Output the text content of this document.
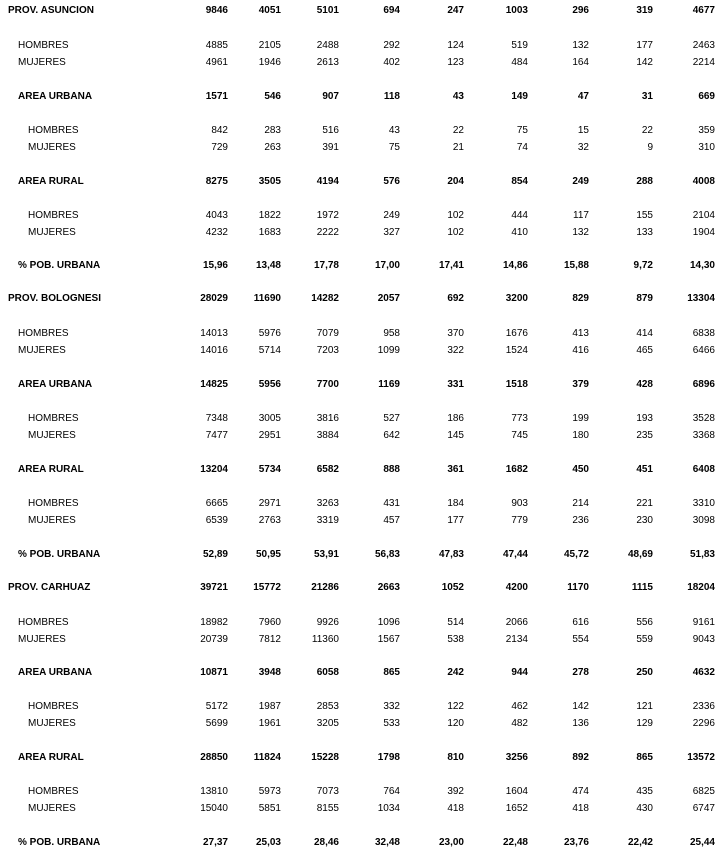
PROV. ASUNCION	9846	4051	5101	694	247	1003	296	319	4677
HOMBRES	4885	2105	2488	292	124	519	132	177	2463
MUJERES	4961	1946	2613	402	123	484	164	142	2214
AREA URBANA	1571	546	907	118	43	149	47	31	669
HOMBRES	842	283	516	43	22	75	15	22	359
MUJERES	729	263	391	75	21	74	32	9	310
AREA RURAL	8275	3505	4194	576	204	854	249	288	4008
HOMBRES	4043	1822	1972	249	102	444	117	155	2104
MUJERES	4232	1683	2222	327	102	410	132	133	1904
% POB. URBANA	15,96	13,48	17,78	17,00	17,41	14,86	15,88	9,72	14,30
PROV. BOLOGNESI	28029	11690	14282	2057	692	3200	829	879	13304
HOMBRES	14013	5976	7079	958	370	1676	413	414	6838
MUJERES	14016	5714	7203	1099	322	1524	416	465	6466
AREA URBANA	14825	5956	7700	1169	331	1518	379	428	6896
HOMBRES	7348	3005	3816	527	186	773	199	193	3528
MUJERES	7477	2951	3884	642	145	745	180	235	3368
AREA RURAL	13204	5734	6582	888	361	1682	450	451	6408
HOMBRES	6665	2971	3263	431	184	903	214	221	3310
MUJERES	6539	2763	3319	457	177	779	236	230	3098
% POB. URBANA	52,89	50,95	53,91	56,83	47,83	47,44	45,72	48,69	51,83
PROV. CARHUAZ	39721	15772	21286	2663	1052	4200	1170	1115	18204
HOMBRES	18982	7960	9926	1096	514	2066	616	556	9161
MUJERES	20739	7812	11360	1567	538	2134	554	559	9043
AREA URBANA	10871	3948	6058	865	242	944	278	250	4632
HOMBRES	5172	1987	2853	332	122	462	142	121	2336
MUJERES	5699	1961	3205	533	120	482	136	129	2296
AREA RURAL	28850	11824	15228	1798	810	3256	892	865	13572
HOMBRES	13810	5973	7073	764	392	1604	474	435	6825
MUJERES	15040	5851	8155	1034	418	1652	418	430	6747
% POB. URBANA	27,37	25,03	28,46	32,48	23,00	22,48	23,76	22,42	25,44
